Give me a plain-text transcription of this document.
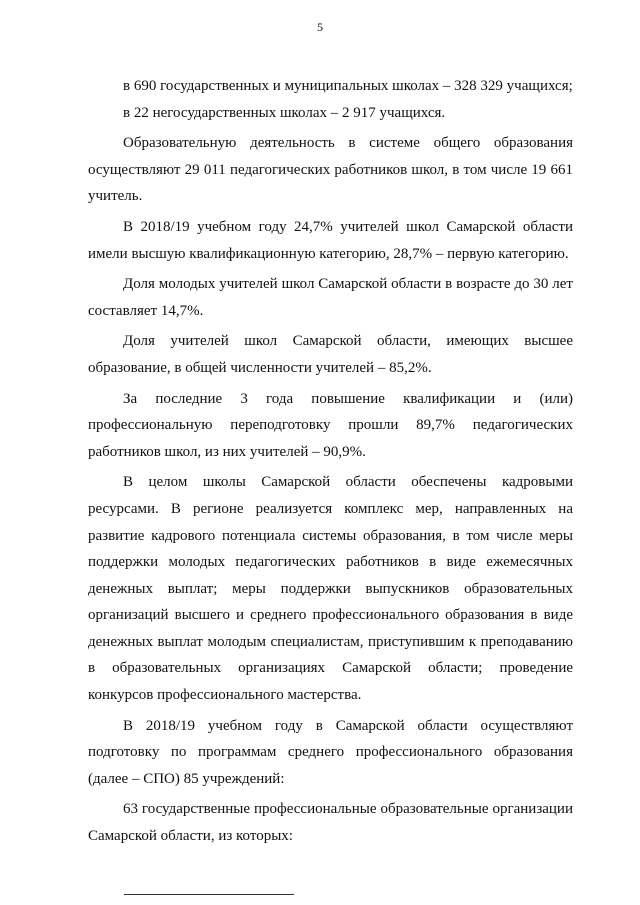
5

в 690 государственных и муниципальных школах – 328 329 учащихся;

в 22 негосударственных школах – 2 917 учащихся.

Образовательную деятельность в системе общего образования осуществляют 29 011 педагогических работников школ, в том числе 19 661 учитель.

В 2018/19 учебном году 24,7% учителей школ Самарской области имели высшую квалификационную категорию, 28,7% – первую категорию.

Доля молодых учителей школ Самарской области в возрасте до 30 лет составляет 14,7%.

Доля учителей школ Самарской области, имеющих высшее образование, в общей численности учителей – 85,2%.

За последние 3 года повышение квалификации и (или) профессиональную переподготовку прошли 89,7% педагогических работников школ, из них учителей – 90,9%.

В целом школы Самарской области обеспечены кадровыми ресурсами. В регионе реализуется комплекс мер, направленных на развитие кадрового потенциала системы образования, в том числе меры поддержки молодых педагогических работников в виде ежемесячных денежных выплат; меры поддержки выпускников образовательных организаций высшего и среднего профессионального образования в виде денежных выплат молодым специалистам, приступившим к преподаванию в образовательных организациях Самарской области; проведение конкурсов профессионального мастерства.

В 2018/19 учебном году в Самарской области осуществляют подготовку по программам среднего профессионального образования (далее – СПО) 85 учреждений:

63 государственные профессиональные образовательные организации Самарской области, из которых:
